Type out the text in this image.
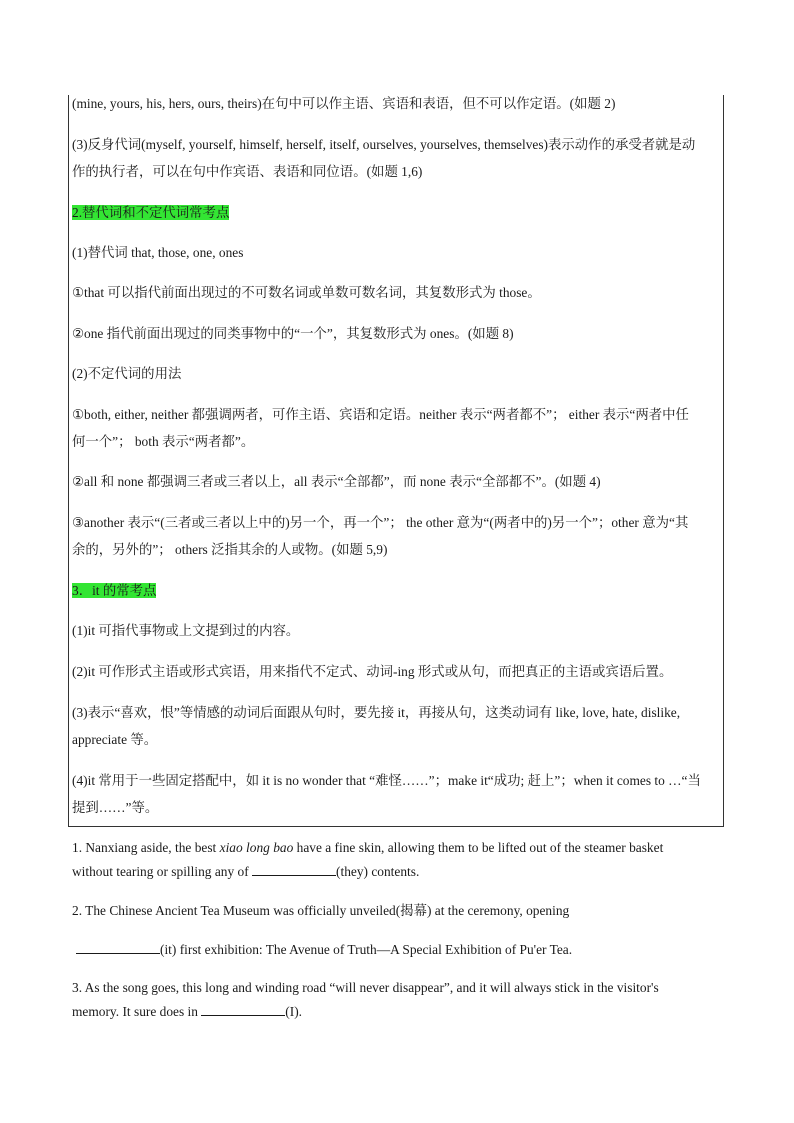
(mine, yours, his, hers, ours, theirs)在句中可以作主语、宾语和表语，但不可以作定语。(如题 2)
(3)反身代词(myself, yourself, himself, herself, itself, ourselves, yourselves, themselves)表示动作的承受者就是动
作的执行者，可以在句中作宾语、表语和同位语。(如题 1,6)
2.替代词和不定代词常考点
(1)替代词 that, those, one, ones
①that 可以指代前面出现过的不可数名词或单数可数名词，其复数形式为 those。
②one 指代前面出现过的同类事物中的“一个”，其复数形式为 ones。(如题 8)
(2)不定代词的用法
①both, either, neither 都强调两者，可作主语、宾语和定语。neither 表示“两者都不”； either 表示“两者中任
何一个”； both 表示“两者都”。
②all 和 none 都强调三者或三者以上，all 表示“全部都”，而 none 表示“全部都不”。(如题 4)
③another 表示“(三者或三者以上中的)另一个，再一个”； the other 意为“(两者中的)另一个”；other 意为“其
余的，另外的”； others 泛指其余的人或物。(如题 5,9)
3．it 的常考点
(1)it 可指代事物或上文提到过的内容。
(2)it 可作形式主语或形式宾语，用来指代不定式、动词-ing 形式或从句，而把真正的主语或宾语后置。
(3)表示“喜欢，恨”等情感的动词后面跟从句时，要先接 it，再接从句，这类动词有 like, love, hate, dislike,
appreciate 等。
(4)it 常用于一些固定搭配中，如 it is no wonder that “难怪……”；make it“成功; 赶上”；when it comes to …“当
提到……”等。
1. Nanxiang aside, the best xiao long bao have a fine skin, allowing them to be lifted out of the steamer basket
without tearing or spilling any of	(they) contents.
2. The Chinese Ancient Tea Museum was officially unveiled(揭幕) at the ceremony, opening
(it) first exhibition: The Avenue of Truth—A Special Exhibition of Pu'er Tea.
3. As the song goes, this long and winding road “will never disappear”, and it will always stick in the visitor's
memory. It sure does in	(I).
